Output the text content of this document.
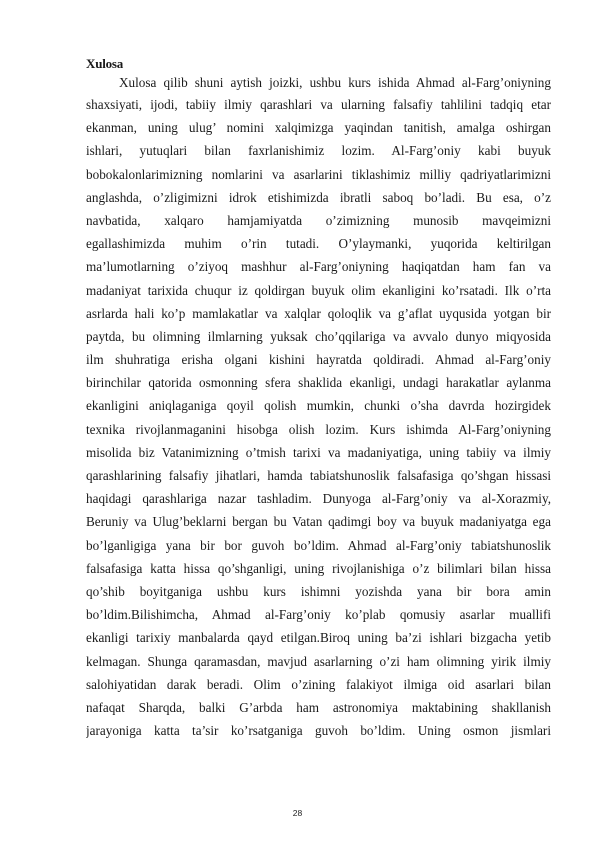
Xulosa

Xulosa qilib shuni aytish joizki, ushbu kurs ishida Ahmad al-Farg’oniyning
shaxsiyati, ijodi, tabiiy ilmiy qarashlari va ularning falsafiy tahlilini tadqiq etar
ekanman, uning ulug’ nomini xalqimizga yaqindan tanitish, amalga oshirgan
ishlari, yutuqlari bilan faxrlanishimiz lozim. Al-Farg’oniy kabi buyuk
bobokalonlarimizning nomlarini va asarlarini tiklashimiz milliy qadriyatlarimizni
anglashda, o’zligimizni idrok etishimizda ibratli saboq bo’ladi. Bu esa, o’z
navbatida, xalqaro hamjamiyatda o’zimizning munosib mavqeimizni
egallashimizda muhim o’rin tutadi. O’ylaymanki, yuqorida keltirilgan
ma’lumotlarning o’ziyoq mashhur al-Farg’oniyning haqiqatdan ham fan va
madaniyat tarixida chuqur iz qoldirgan buyuk olim ekanligini ko’rsatadi. Ilk o’rta
asrlarda hali ko’p mamlakatlar va xalqlar qoloqlik va g’aflat uyqusida yotgan bir
paytda, bu olimning ilmlarning yuksak cho’qqilariga va avvalo dunyo miqyosida
ilm shuhratiga erisha olgani kishini hayratda qoldiradi. Ahmad al-Farg’oniy
birinchilar qatorida osmonning sfera shaklida ekanligi, undagi harakatlar aylanma
ekanligini aniqlaganiga qoyil qolish mumkin, chunki o’sha davrda hozirgidek
texnika rivojlanmaganini hisobga olish lozim. Kurs ishimda Al-Farg’oniyning
misolida biz Vatanimizning o’tmish tarixi va madaniyatiga, uning tabiiy va ilmiy
qarashlarining falsafiy jihatlari, hamda tabiatshunoslik falsafasiga qo’shgan hissasi
haqidagi qarashlariga nazar tashladim. Dunyoga al-Farg’oniy va al-Xorazmiy,
Beruniy va Ulug’beklarni bergan bu Vatan qadimgi boy va buyuk madaniyatga ega
bo’lganligiga yana bir bor guvoh bo’ldim. Ahmad al-Farg’oniy tabiatshunoslik
falsafasiga katta hissa qo’shganligi, uning rivojlanishiga o’z bilimlari bilan hissa
qo’shib boyitganiga ushbu kurs ishimni yozishda yana bir bora amin
bo’ldim.Bilishimcha, Ahmad al-Farg’oniy ko’plab qomusiy asarlar muallifi
ekanligi tarixiy manbalarda qayd etilgan.Biroq uning ba’zi ishlari bizgacha yetib
kelmagan. Shunga qaramasdan, mavjud asarlarning o’zi ham olimning yirik ilmiy
salohiyatidan darak beradi. Olim o’zining falakiyot ilmiga oid asarlari bilan
nafaqat Sharqda, balki G’arbda ham astronomiya maktabining shakllanish
jarayoniga katta ta’sir ko’rsatganiga guvoh bo’ldim. Uning osmon jismlari
28
